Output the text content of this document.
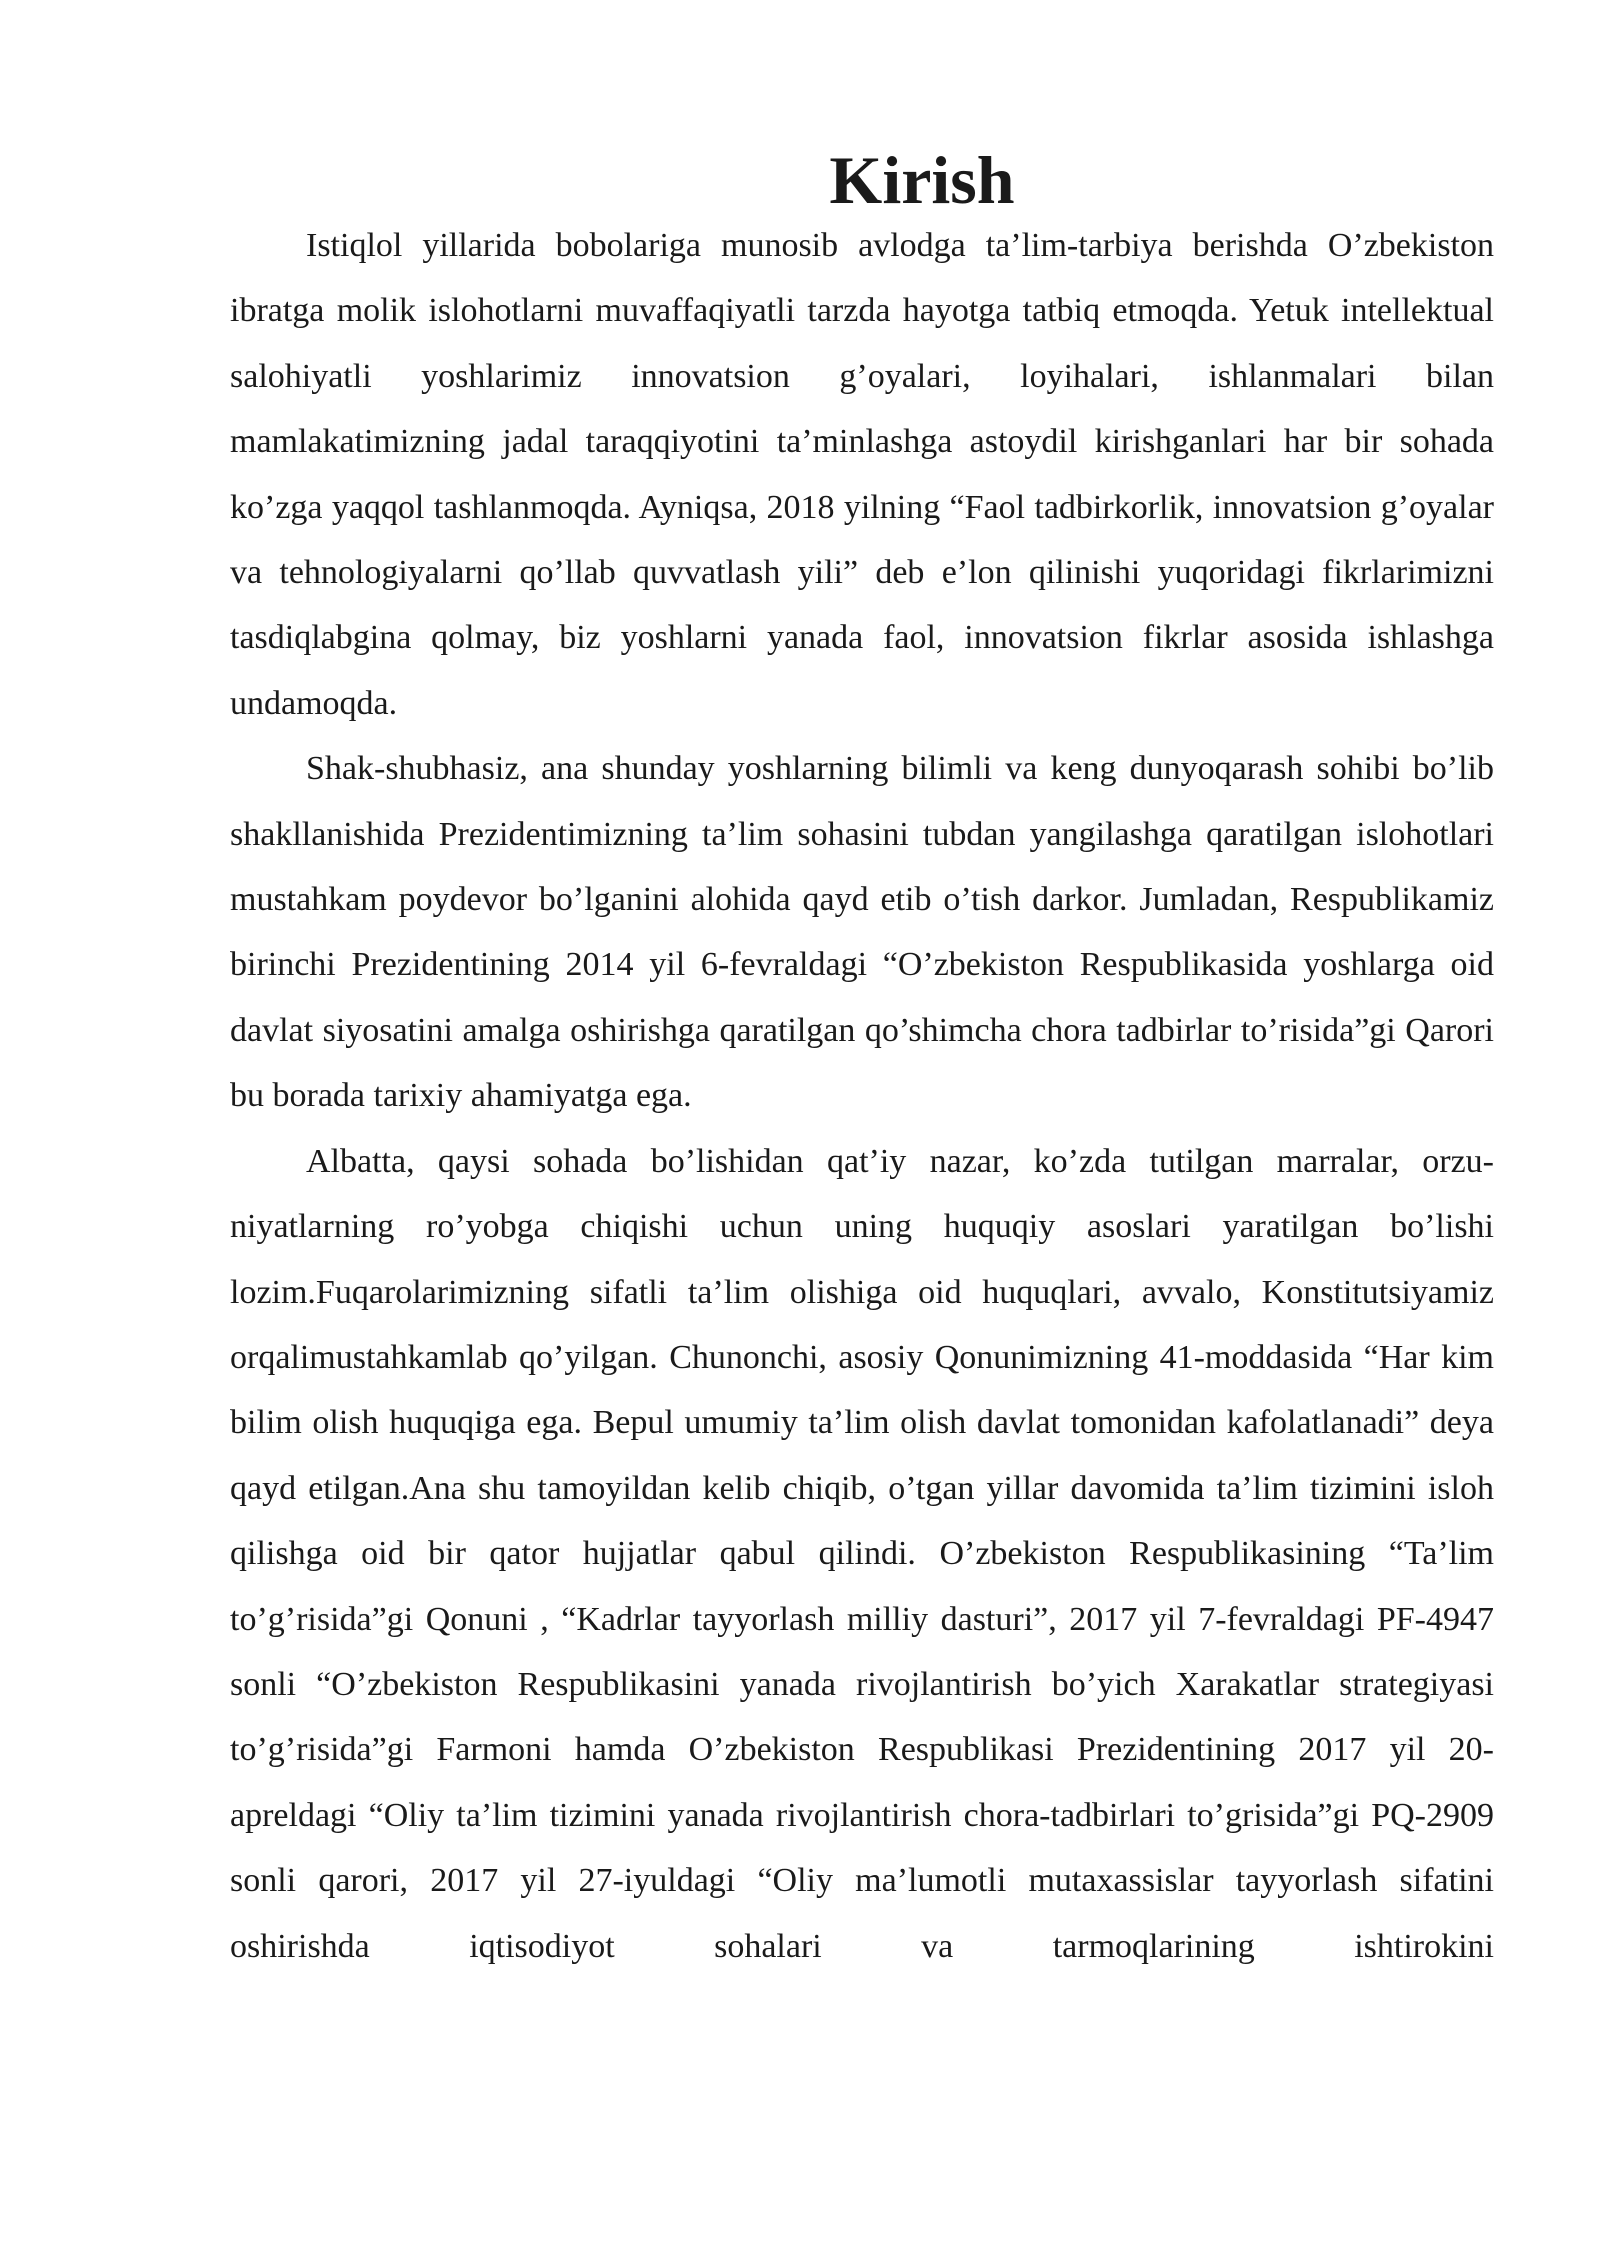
Kirish

Istiqlol yillarida bobolariga munosib avlodga ta’lim-tarbiya berishda O’zbekiston ibratga molik islohotlarni muvaffaqiyatli tarzda hayotga tatbiq etmoqda. Yetuk intellektual salohiyatli yoshlarimiz innovatsion g’oyalari, loyihalari, ishlanmalari bilan mamlakatimizning jadal taraqqiyotini ta’minlashga astoydil kirishganlari har bir sohada ko’zga yaqqol tashlanmoqda. Ayniqsa, 2018 yilning “Faol tadbirkorlik, innovatsion g’oyalar va tehnologiyalarni qo’llab quvvatlash yili” deb e’lon qilinishi yuqoridagi fikrlarimizni tasdiqlabgina qolmay, biz yoshlarni yanada faol, innovatsion fikrlar asosida ishlashga undamoqda.

Shak-shubhasiz, ana shunday yoshlarning bilimli va keng dunyoqarash sohibi bo’lib shakllanishida Prezidentimizning ta’lim sohasini tubdan yangilashga qaratilgan islohotlari mustahkam poydevor bo’lganini alohida qayd etib o’tish darkor. Jumladan, Respublikamiz birinchi Prezidentining 2014 yil 6-fevraldagi “O’zbekiston Respublikasida yoshlarga oid davlat siyosatini amalga oshirishga qaratilgan qo’shimcha chora tadbirlar to’risida”gi Qarori bu borada tarixiy ahamiyatga ega.

Albatta, qaysi sohada bo’lishidan qat’iy nazar, ko’zda tutilgan marralar, orzu-niyatlarning ro’yobga chiqishi uchun uning huquqiy asoslari yaratilgan bo’lishi lozim.Fuqarolarimizning sifatli ta’lim olishiga oid huquqlari, avvalo, Konstitutsiyamiz orqalimustahkamlab qo’yilgan. Chunonchi, asosiy Qonunimizning 41-moddasida “Har kim bilim olish huquqiga ega. Bepul umumiy ta’lim olish davlat tomonidan kafolatlanadi” deya qayd etilgan.Ana shu tamoyildan kelib chiqib, o’tgan yillar davomida ta’lim tizimini isloh qilishga oid bir qator hujjatlar qabul qilindi. O’zbekiston Respublikasining “Ta’lim to’g’risida”gi Qonuni , “Kadrlar tayyorlash milliy dasturi”, 2017 yil 7-fevraldagi PF-4947 sonli “O’zbekiston Respublikasini yanada rivojlantirish bo’yich Xarakatlar strategiyasi to’g’risida”gi Farmoni hamda O’zbekiston Respublikasi Prezidentining 2017 yil 20-apreldagi “Oliy ta’lim tizimini yanada rivojlantirish chora-tadbirlari to’grisida”gi PQ-2909 sonli qarori, 2017 yil 27-iyuldagi “Oliy ma’lumotli mutaxassislar tayyorlash sifatini oshirishda iqtisodiyot sohalari va tarmoqlarining ishtirokini
